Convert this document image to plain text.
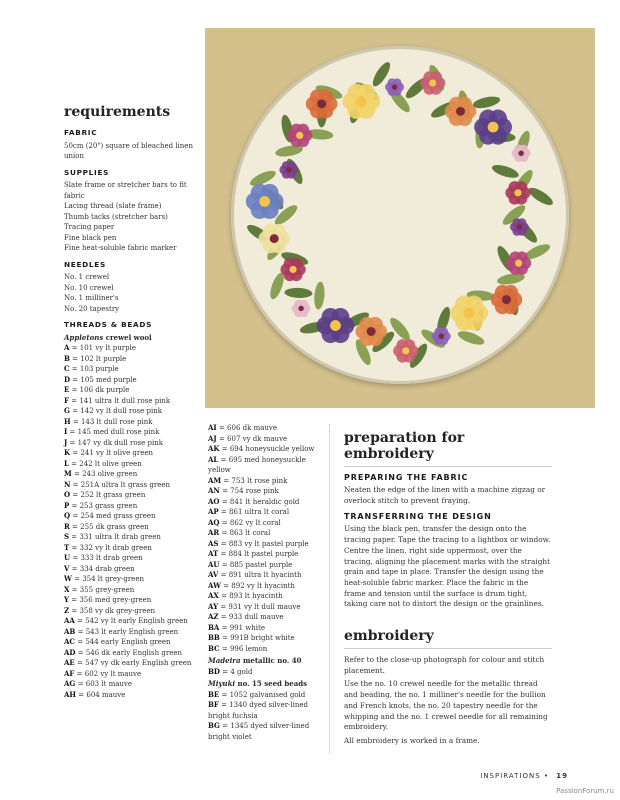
requirements
FABRIC
50cm (20") square of bleached linen union
SUPPLIES
Slate frame or stretcher bars to fit fabric
Lacing thread (slate frame)
Thumb tacks (stretcher bars)
Tracing paper
Fine black pen
Fine heat-soluble fabric marker
NEEDLES
No. 1 crewel
No. 10 crewel
No. 1 milliner's
No. 20 tapestry
THREADS & BEADS
Appletons crewel wool
A = 101 vy lt purple
B = 102 lt purple
C = 103 purple
D = 105 med purple
E = 106 dk purple
F = 141 ultra lt dull rose pink
G = 142 vy lt dull rose pink
H = 143 lt dull rose pink
I = 145 med dull rose pink
J = 147 vy dk dull rose pink
K = 241 vy lt olive green
L = 242 lt olive green
M = 243 olive green
N = 251A ultra lt grass green
O = 252 lt grass green
P = 253 grass green
Q = 254 med grass green
R = 255 dk grass green
S = 331 ultra lt drab green
T = 332 vy lt drab green
U = 333 lt drab green
V = 334 drab green
W = 354 lt grey-green
X = 355 grey-green
Y = 356 med grey-green
Z = 358 vy dk grey-green
AA = 542 vy lt early English green
AB = 543 lt early English green
AC = 544 early English green
AD = 546 dk early English green
AE = 547 vy dk early English green
AF = 602 vy lt mauve
AG = 603 lt mauve
AH = 604 mauve
AI = 606 dk mauve
AJ = 607 vy dk mauve
AK = 694 honeysuckle yellow
AL = 695 med honeysuckle yellow
AM = 753 lt rose pink
AN = 754 rose pink
AO = 841 lt heraldic gold
AP = 861 ultra lt coral
AQ = 862 vy lt coral
AR = 863 lt coral
AS = 883 vy lt pastel purple
AT = 884 lt pastel purple
AU = 885 pastel purple
AV = 891 ultra lt hyacinth
AW = 892 vy lt hyacinth
AX = 893 lt hyacinth
AY = 931 vy lt dull mauve
AZ = 933 dull mauve
BA = 991 white
BB = 991B bright white
BC = 996 lemon
Madeira metallic no. 40
BD = 4 gold
Miyuki no. 15 seed beads
BE = 1052 galvanised gold
BF = 1340 dyed silver-lined bright fuchsia
BG = 1345 dyed silver-lined bright violet
preparation for embroidery
PREPARING THE FABRIC

Neaten the edge of the linen with a machine zigzag or overlock stitch to prevent fraying.

TRANSFERRING THE DESIGN

Using the black pen, transfer the design onto the tracing paper. Tape the tracing to a lightbox or window. Centre the linen, right side uppermost, over the tracing, aligning the placement marks with the straight grain and tape in place. Transfer the design using the heat-soluble fabric marker. Place the fabric in the frame and tension until the surface is drum tight, taking care not to distort the design or the grainlines.

embroidery

Refer to the close-up photograph for colour and stitch placement.

Use the no. 10 crewel needle for the metallic thread and beading, the no. 1 milliner's needle for the bullion and French knots, the no. 20 tapestry needle for the whipping and the no. 1 crewel needle for all remaining embroidery.

All embroidery is worked in a frame.

INSPIRATIONS • 19
PassionForum.ru
